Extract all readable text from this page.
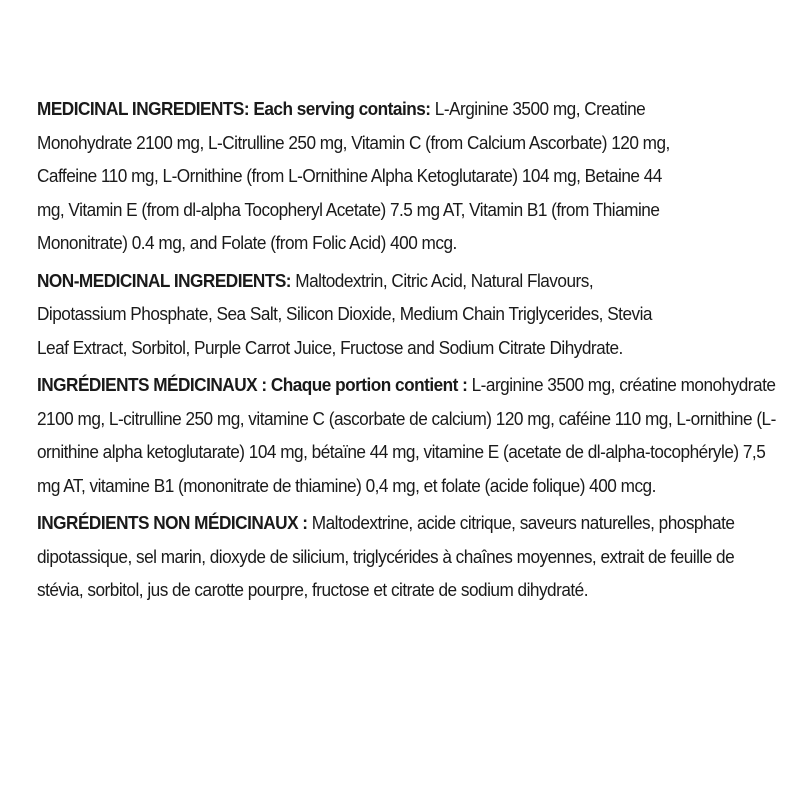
MEDICINAL INGREDIENTS: Each serving contains: L-Arginine 3500 mg, Creatine Monohydrate 2100 mg, L-Citrulline 250 mg, Vitamin C (from Calcium Ascorbate) 120 mg, Caffeine 110 mg, L-Ornithine (from L-Ornithine Alpha Ketoglutarate) 104 mg, Betaine 44 mg, Vitamin E (from dl-alpha Tocopheryl Acetate) 7.5 mg AT, Vitamin B1 (from Thiamine Mononitrate) 0.4 mg, and Folate (from Folic Acid) 400 mcg.

NON-MEDICINAL INGREDIENTS: Maltodextrin, Citric Acid, Natural Flavours, Dipotassium Phosphate, Sea Salt, Silicon Dioxide, Medium Chain Triglycerides, Stevia Leaf Extract, Sorbitol, Purple Carrot Juice, Fructose and Sodium Citrate Dihydrate.

INGRÉDIENTS MÉDICINAUX : Chaque portion contient : L-arginine 3500 mg, créatine monohydrate 2100 mg, L-citrulline 250 mg, vitamine C (ascorbate de calcium) 120 mg, caféine 110 mg, L-ornithine (L-ornithine alpha ketoglutarate) 104 mg, bétaïne 44 mg, vitamine E (acetate de dl-alpha-tocophéryle) 7,5 mg AT, vitamine B1 (mononitrate de thiamine) 0,4 mg, et folate (acide folique) 400 mcg.

INGRÉDIENTS NON MÉDICINAUX : Maltodextrine, acide citrique, saveurs naturelles, phosphate dipotassique, sel marin, dioxyde de silicium, triglycérides à chaînes moyennes, extrait de feuille de stévia, sorbitol, jus de carotte pourpre, fructose et citrate de sodium dihydraté.
